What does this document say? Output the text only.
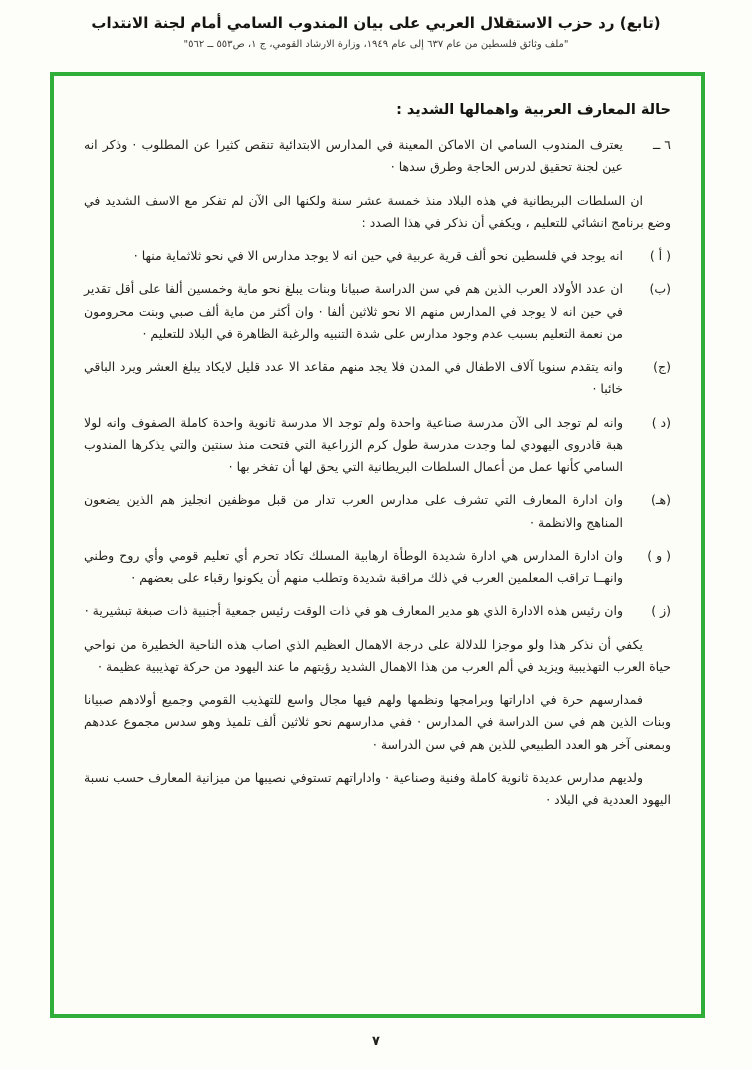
(تابع) رد حزب الاستقلال العربي على بيان المندوب السامي أمام لجنة الانتداب
"ملف وثائق فلسطين من عام ٦٣٧ إلى عام ١٩٤٩، وزارة الارشاد القومي، ج ١، ص٥٥٣ ــ ٥٦٢"
حالة المعارف العربية واهمالها الشديد :
٦ ــ
يعترف المندوب السامي ان الاماكن المعينة في المدارس الابتدائية تنقص كثيرا عن المطلوب · وذكر انه عين لجنة تحقيق لدرس الحاجة وطرق سدها ·
ان السلطات البريطانية في هذه البلاد منذ خمسة عشر سنة ولكنها الى الآن لم تفكر مع الاسف الشديد في وضع برنامج انشائي للتعليم ، ويكفي أن نذكر في هذا الصدد :
( أ )
انه يوجد في فلسطين نحو ألف قرية عربية في حين انه لا يوجد مدارس الا في نحو ثلاثماية منها ·
(ب)
ان عدد الأولاد العرب الذين هم في سن الدراسة صبيانا وبنات يبلغ نحو ماية وخمسين ألفا على أقل تقدير في حين انه لا يوجد في المدارس منهم الا نحو ثلاثين ألفا · وان أكثر من ماية ألف صبي وبنت محرومون من نعمة التعليم بسبب عدم وجود مدارس على شدة التنبيه والرغبة الظاهرة في البلاد للتعليم ·
(ج)
وانه يتقدم سنويا آلاف الاطفال في المدن فلا يجد منهم مقاعد الا عدد قليل لايكاد يبلغ العشر ويرد الباقي خائبا ·
(د )
وانه لم توجد الى الآن مدرسة صناعية واحدة ولم توجد الا مدرسة ثانوية واحدة كاملة الصفوف وانه لولا هبة قادروى اليهودي لما وجدت مدرسة طول كرم الزراعية التي فتحت منذ سنتين والتي يذكرها المندوب السامي كأنها عمل من أعمال السلطات البريطانية التي يحق لها أن تفخر بها ·
(هـ)
وان ادارة المعارف التي تشرف على مدارس العرب تدار من قبل موظفين انجليز هم الذين يضعون المناهج والانظمة ·
( و )
وان ادارة المدارس هي ادارة شديدة الوطأة ارهابية المسلك تكاد تحرم أي تعليم قومي وأي روح وطني وانهــا تراقب المعلمين العرب في ذلك مراقبة شديدة وتطلب منهم أن يكونوا رقباء على بعضهم ·
(ز )
وان رئيس هذه الادارة الذي هو مدير المعارف هو في ذات الوقت رئيس جمعية أجنبية ذات صبغة تبشيرية ·
يكفي أن نذكر هذا ولو موجزا للدلالة على درجة الاهمال العظيم الذي اصاب هذه الناحية الخطيرة من نواحي حياة العرب التهذيبية ويزيد في ألم العرب من هذا الاهمال الشديد رؤيتهم ما عند اليهود من حركة تهذيبية عظيمة ·
فمدارسهم حرة في اداراتها وبرامجها ونظمها ولهم فيها مجال واسع للتهذيب القومي وجميع أولادهم صبيانا وبنات الذين هم في سن الدراسة في المدارس · ففي مدارسهم نحو ثلاثين ألف تلميذ وهو سدس مجموع عددهم وبمعنى آخر هو العدد الطبيعي للذين هم في سن الدراسة ·
ولديهم مدارس عديدة ثانوية كاملة وفنية وصناعية · واداراتهم تستوفي نصيبها من ميزانية المعارف حسب نسبة اليهود العددية في البلاد ·
٧
